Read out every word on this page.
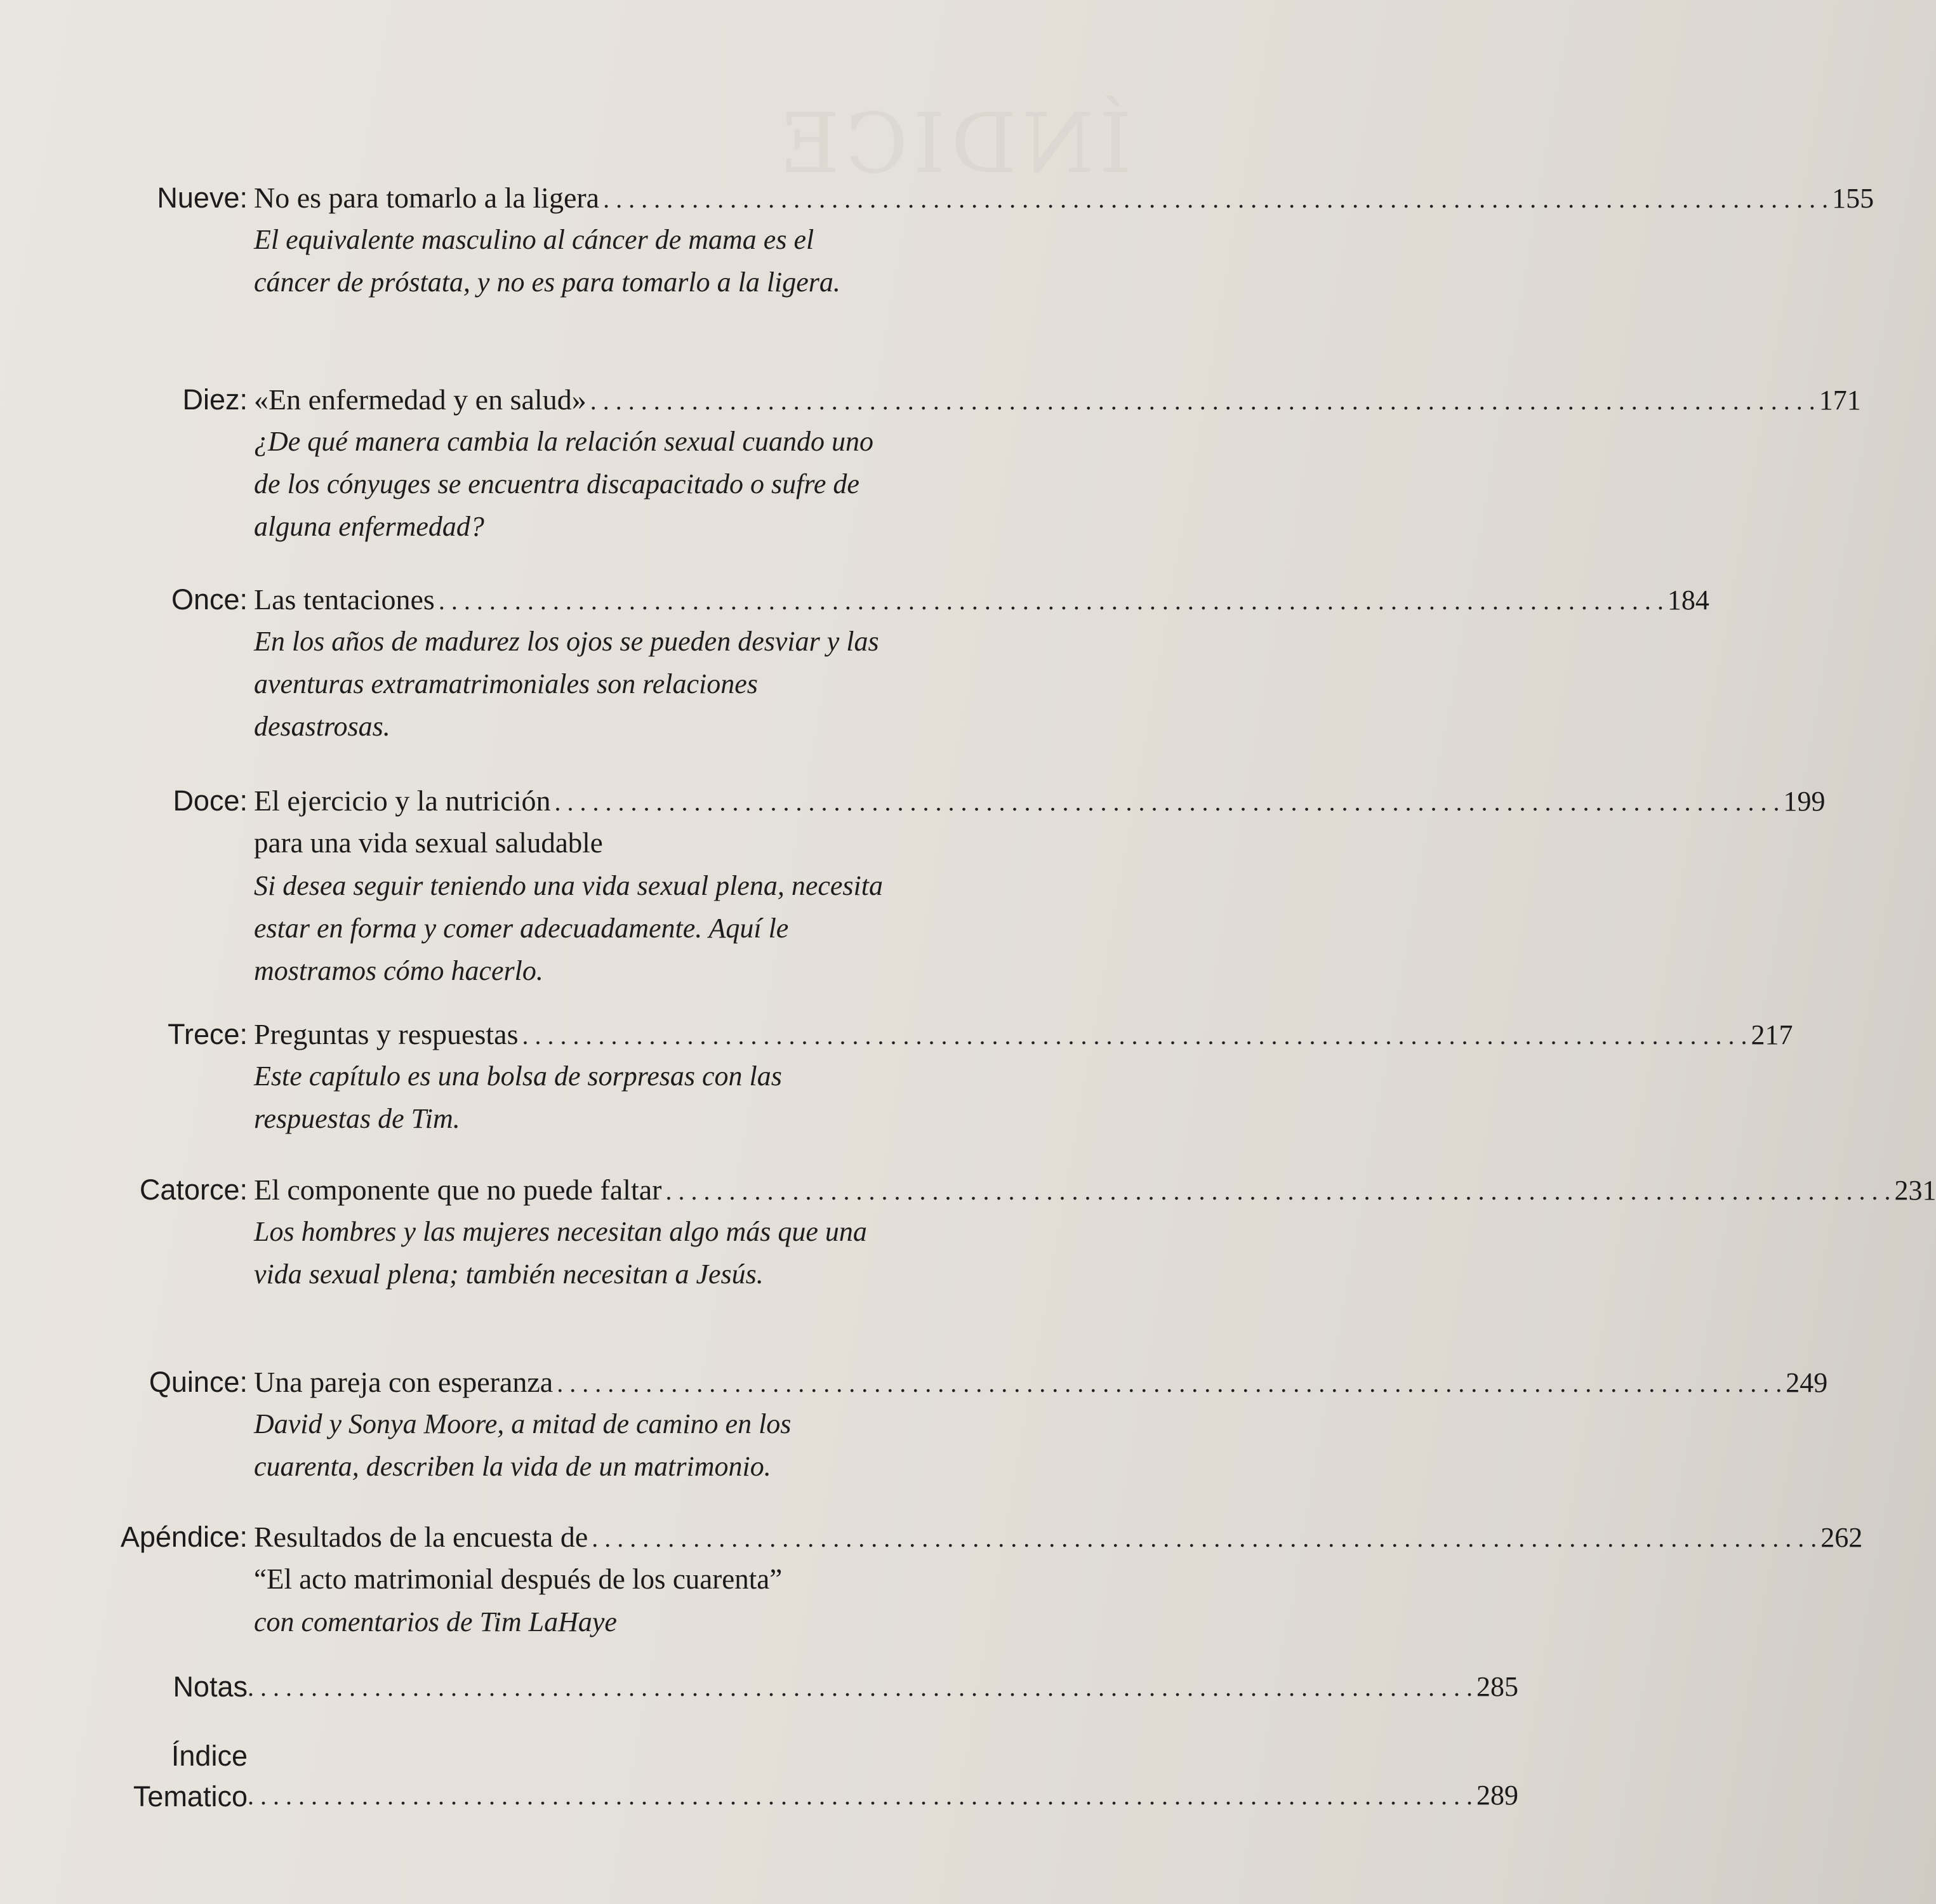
ÍNDICE
Nueve: No es para tomarlo a la ligera . . .	155
El equivalente masculino al cáncer de mama es el cáncer de próstata, y no es para tomarlo a la ligera.
Diez: «En enfermedad y en salud» . . .	171
¿De qué manera cambia la relación sexual cuando uno de los cónyuges se encuentra discapacitado o sufre de alguna enfermedad?
Once: Las tentaciones . . .	184
En los años de madurez los ojos se pueden desviar y las aventuras extramatrimoniales son relaciones desastrosas.
Doce: El ejercicio y la nutrición . . .	199
para una vida sexual saludable
Si desea seguir teniendo una vida sexual plena, necesita estar en forma y comer adecuadamente. Aquí le mostramos cómo hacerlo.
Trece: Preguntas y respuestas . . .	217
Este capítulo es una bolsa de sorpresas con las respuestas de Tim.
Catorce: El componente que no puede faltar . . .	231
Los hombres y las mujeres necesitan algo más que una vida sexual plena; también necesitan a Jesús.
Quince: Una pareja con esperanza . . .	249
David y Sonya Moore, a mitad de camino en los cuarenta, describen la vida de un matrimonio.
Apéndice: Resultados de la encuesta de . . .	262
“El acto matrimonial después de los cuarenta”
con comentarios de Tim LaHaye
Notas . . .	285
Índice Tematico . . .	289
